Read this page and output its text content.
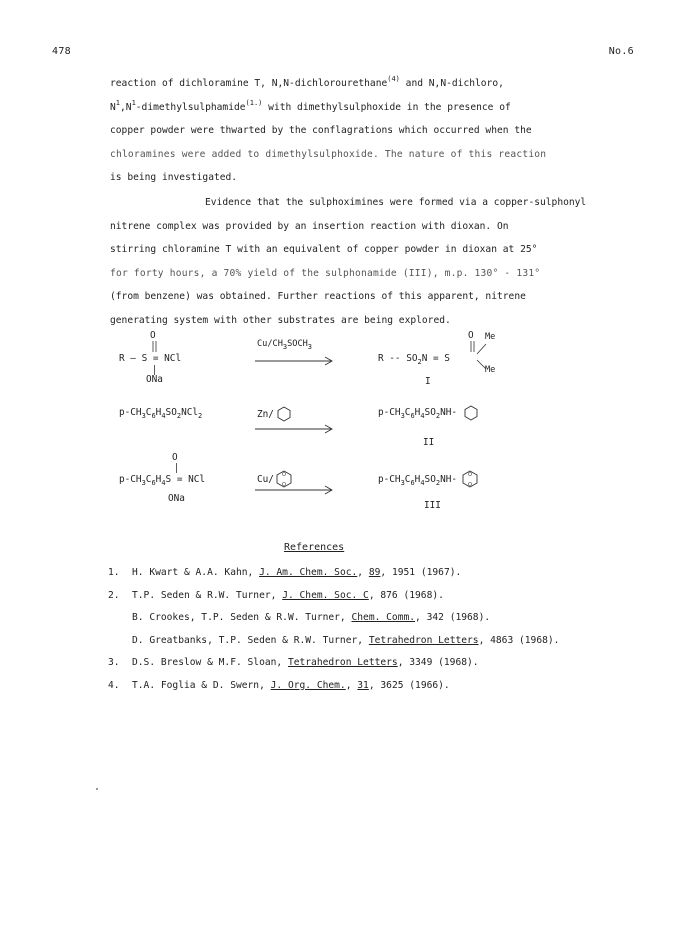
478	No.6

reaction of dichloramine T, N,N-dichlorourethane$^{(4)}$ and N,N-dichloro,

$N^1,N^1-dimethylsulphamide^{(1.)}$ with dimethylsulphoxide in the presence of

copper powder were thwarted by the conflagrations which occurred when the

chloramines were added to dimethylsulphoxide. The nature of this reaction

is being investigated.

Evidence that the sulphoximines were formed via a copper-sulphonyl

nitrene complex was provided by an insertion reaction with dioxan. On

stirring chloramine T with an equivalent of copper powder in dioxan at 25°

for forty hours, a 70% yield of the sulphonamide (III), m.p. 130° - 131°

(from benzene) was obtained. Further reactions of this apparent, nitrene

generating system with other substrates are being explored.

O
R — S = NCl
ONa
$Cu/CH_3SOCH_3$
O Me
$R -- SO_2N = S$
Me
I
$p-CH_3C_6H_4SO_2NCl_2$	Zn/	$p-CH_3C_6H_4SO_2NH-$
II
O
$p-CH_3C_6H_4S$ = NCl
ONa
Cu/ O
O	$p-CH_3C_6H_4SO_2NH-$ O
O
III
References
1.	H. Kwart & A.A. Kahn, J. Am. Chem. Soc., 89, 1951 (1967).
2.	T.P. Seden & R.W. Turner, J. Chem. Soc. C, 876 (1968).
B. Crookes, T.P. Seden & R.W. Turner, Chem. Comm., 342 (1968).
D. Greatbanks, T.P. Seden & R.W. Turner, Tetrahedron Letters, 4863 (1968).
3.	D.S. Breslow & M.F. Sloan, Tetrahedron Letters, 3349 (1968).
4.	T.A. Foglia & D. Swern, J. Org. Chem., 31, 3625 (1966).
